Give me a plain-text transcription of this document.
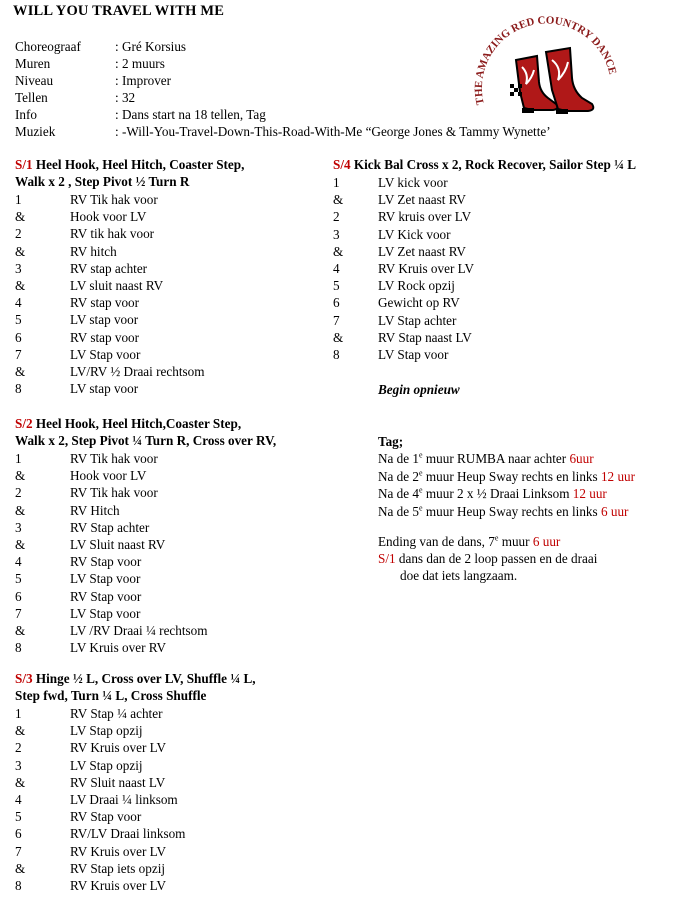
WILL YOU TRAVEL WITH ME
Choreograaf	: Gré Korsius
Muren	: 2 muurs
Niveau	: Improver
Tellen	: 32
Info	: Dans start na 18 tellen, Tag
Muziek	: -Will-You-Travel-Down-This-Road-With-Me “George Jones & Tammy Wynette’
THE AMAZING RED COUNTRY DANCE
S/1 Heel Hook, Heel Hitch, Coaster Step,
Walk x 2 , Step Pivot ½ Turn R
1	RV Tik hak voor
&	Hook voor LV
2	RV tik hak voor
&	RV hitch
3	RV stap achter
&	LV sluit naast RV
4	RV stap voor
5	LV stap voor
6	RV stap voor
7	LV Stap voor
&	LV/RV ½ Draai rechtsom
8	LV stap voor
S/2 Heel Hook, Heel Hitch,Coaster Step,
Walk x 2, Step Pivot ¼ Turn R, Cross over RV,
1	RV Tik hak voor
&	Hook voor LV
2	RV Tik hak voor
&	RV Hitch
3	RV Stap achter
&	LV Sluit naast RV
4	RV Stap voor
5	LV Stap voor
6	RV Stap voor
7	LV Stap voor
&	LV /RV Draai ¼ rechtsom
8	LV Kruis over RV
S/3 Hinge ½ L, Cross over LV, Shuffle ¼ L,
Step fwd, Turn ¼ L, Cross Shuffle
1	RV Stap ¼ achter
&	LV Stap opzij
2	RV Kruis over LV
3	LV Stap opzij
&	RV Sluit naast LV
4	LV Draai ¼ linksom
5	RV Stap voor
6	RV/LV Draai linksom
7	RV Kruis over LV
&	RV Stap iets opzij
8	RV Kruis over LV
S/4 Kick Bal Cross x 2, Rock Recover, Sailor Step ¼ L
1	LV kick voor
&	LV Zet naast RV
2	RV kruis over LV
3	LV Kick voor
&	LV Zet naast RV
4	RV Kruis over LV
5	LV Rock opzij
6	Gewicht op RV
7	LV Stap achter
&	RV Stap naast LV
8	LV Stap voor
Begin opnieuw
Tag;
Na de 1e muur RUMBA naar achter 6uur
Na de 2e muur Heup Sway rechts en links 12 uur
Na de 4e muur 2 x ½ Draai Linksom 12 uur
Na de 5e muur Heup Sway rechts en links 6 uur
Ending van de dans, 7e muur 6 uur
S/1 dans dan de 2 loop passen en de draai
doe dat iets langzaam.
